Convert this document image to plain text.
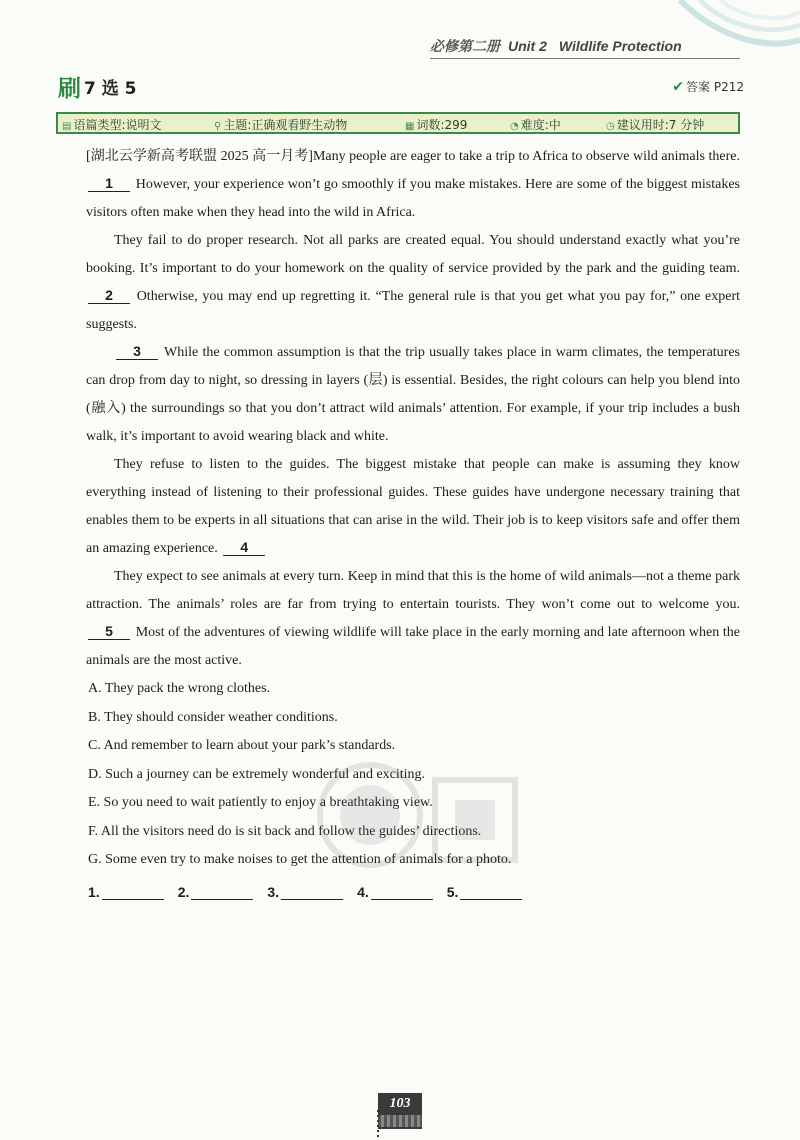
必修第二册 Unit 2 Wildlife Protection
刷 7 选 5	✔ 答案 P212
▤ 语篇类型:说明文	⚲ 主题:正确观看野生动物	▦ 词数:299	◔ 难度:中	◷ 建议用时:7 分钟

[湖北云学新高考联盟 2025 高一月考]Many people are eager to take a trip to Africa to observe wild animals there. 1 However, your experience won’t go smoothly if you make mistakes. Here are some of the biggest mistakes visitors often make when they head into the wild in Africa.

They fail to do proper research. Not all parks are created equal. You should understand exactly what you’re booking. It’s important to do your homework on the quality of service provided by the park and the guiding team. 2 Otherwise, you may end up regretting it. “The general rule is that you get what you pay for,” one expert suggests.

3 While the common assumption is that the trip usually takes place in warm climates, the temperatures can drop from day to night, so dressing in layers (层) is essential. Besides, the right colours can help you blend into (融入) the surroundings so that you don’t attract wild animals’ attention. For example, if your trip includes a bush walk, it’s important to avoid wearing black and white.

They refuse to listen to the guides. The biggest mistake that people can make is assuming they know everything instead of listening to their professional guides. These guides have undergone necessary training that enables them to be experts in all situations that can arise in the wild. Their job is to keep visitors safe and offer them an amazing experience. 4

They expect to see animals at every turn. Keep in mind that this is the home of wild animals—not a theme park attraction. The animals’ roles are far from trying to entertain tourists. They won’t come out to welcome you. 5 Most of the adventures of viewing wildlife will take place in the early morning and late afternoon when the animals are the most active.

A. They pack the wrong clothes.
B. They should consider weather conditions.
C. And remember to learn about your park’s standards.
D. Such a journey can be extremely wonderful and exciting.
E. So you need to wait patiently to enjoy a breathtaking view.
F. All the visitors need do is sit back and follow the guides’ directions.
G. Some even try to make noises to get the attention of animals for a photo.
1.	2.	3.	4.	5.
103
